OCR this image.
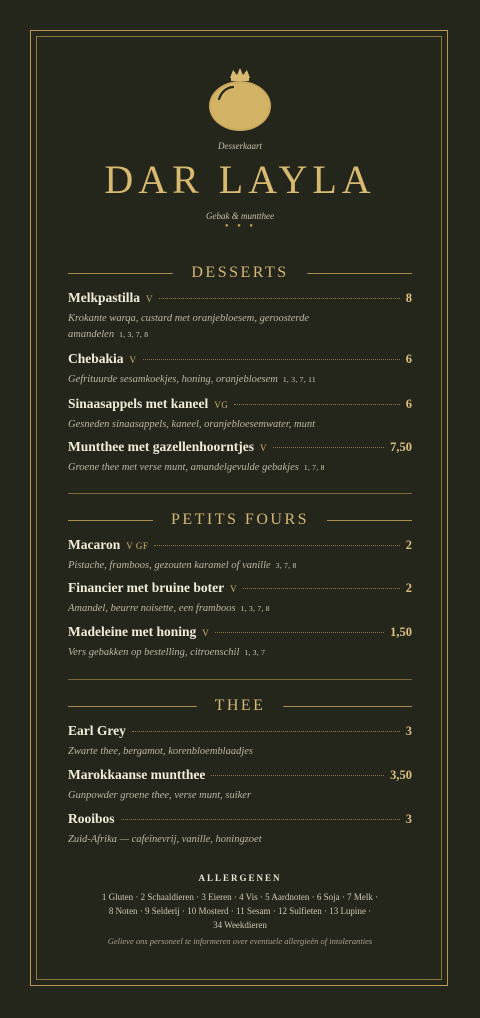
Desserkaart
DAR LAYLA
Gebak & muntthee
• • •
DESSERTS
Melkpastilla V	8
Krokante warqa, custard met oranjebloesem, geroosterde
amandelen 1, 3, 7, 8
Chebakia V	6
Gefrituurde sesamkoekjes, honing, oranjebloesem 1, 3, 7, 11
Sinaasappels met kaneel VG	6
Gesneden sinaasappels, kaneel, oranjebloesemwater, munt
Muntthee met gazellenhoorntjes V	7,50
Groene thee met verse munt, amandelgevulde gebakjes 1, 7, 8
PETITS FOURS
Macaron V GF	2
Pistache, framboos, gezouten karamel of vanille 3, 7, 8
Financier met bruine boter V	2
Amandel, beurre noisette, een framboos 1, 3, 7, 8
Madeleine met honing V	1,50
Vers gebakken op bestelling, citroenschil 1, 3, 7
THEE
Earl Grey	3
Zwarte thee, bergamot, korenbloemblaadjes
Marokkaanse muntthee	3,50
Gunpowder groene thee, verse munt, suiker
Rooibos	3
Zuid-Afrika — cafeïnevrij, vanille, honingzoet
ALLERGENEN
1 Gluten · 2 Schaaldieren · 3 Eieren · 4 Vis · 5 Aardnoten · 6 Soja · 7 Melk ·
8 Noten · 9 Selderij · 10 Mosterd · 11 Sesam · 12 Sulfieten · 13 Lupine ·
34 Weekdieren
Gelieve ons personeel te informeren over eventuele allergieën of intoleranties
